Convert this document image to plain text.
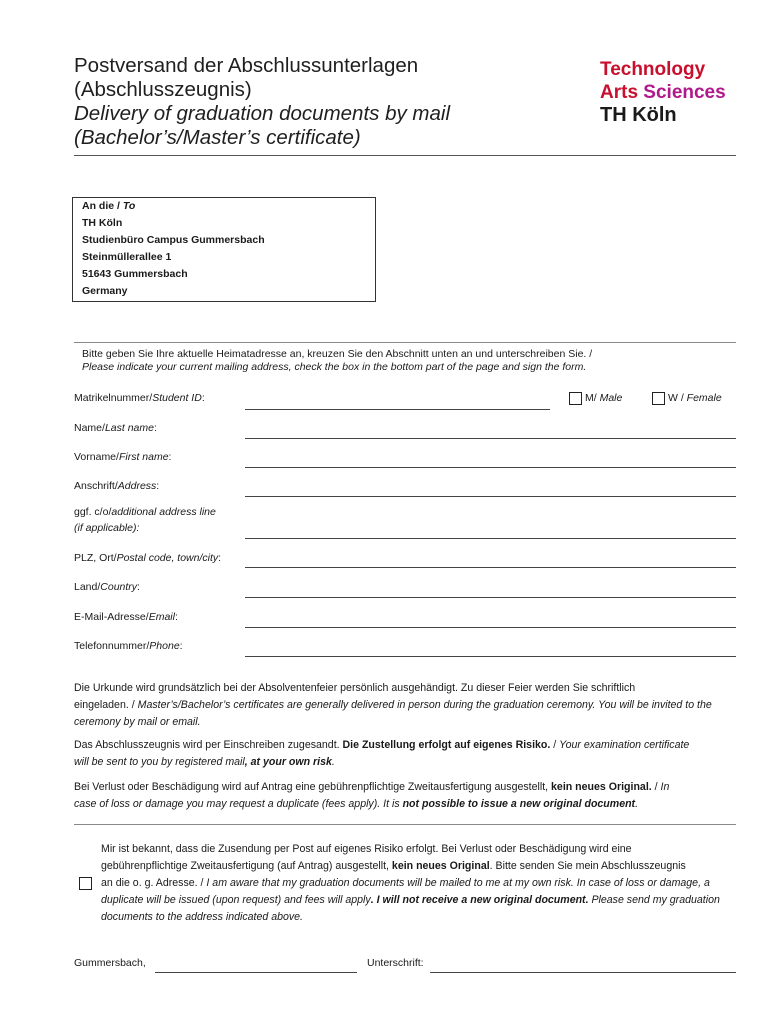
Postversand der Abschlussunterlagen
(Abschlusszeugnis)
Delivery of graduation documents by mail
(Bachelor’s/Master’s certificate)
Technology
Arts Sciences
TH Köln
An die / To
TH Köln
Studienbüro Campus Gummersbach
Steinmüllerallee 1
51643 Gummersbach
Germany
Bitte geben Sie Ihre aktuelle Heimatadresse an, kreuzen Sie den Abschnitt unten an und unterschreiben Sie. /
Please indicate your current mailing address, check the box in the bottom part of the page and sign the form.
Matrikelnummer/Student ID:	M/ Male	W / Female
Name/Last name:
Vorname/First name:
Anschrift/Address:
ggf. c/o/additional address line
(if applicable):
PLZ, Ort/Postal code, town/city:
Land/Country:
E-Mail-Adresse/Email:
Telefonnummer/Phone:
Die Urkunde wird grundsätzlich bei der Absolventenfeier persönlich ausgehändigt. Zu dieser Feier werden Sie schriftlich
eingeladen. / Master’s/Bachelor’s certificates are generally delivered in person during the graduation ceremony. You will be invited to the
ceremony by mail or email.
Das Abschlusszeugnis wird per Einschreiben zugesandt. Die Zustellung erfolgt auf eigenes Risiko. / Your examination certificate
will be sent to you by registered mail, at your own risk.
Bei Verlust oder Beschädigung wird auf Antrag eine gebührenpflichtige Zweitausfertigung ausgestellt, kein neues Original. / In
case of loss or damage you may request a duplicate (fees apply). It is not possible to issue a new original document.
Mir ist bekannt, dass die Zusendung per Post auf eigenes Risiko erfolgt. Bei Verlust oder Beschädigung wird eine
gebührenpflichtige Zweitausfertigung (auf Antrag) ausgestellt, kein neues Original. Bitte senden Sie mein Abschlusszeugnis
an die o. g. Adresse. / I am aware that my graduation documents will be mailed to me at my own risk. In case of loss or damage, a
duplicate will be issued (upon request) and fees will apply. I will not receive a new original document. Please send my graduation
documents to the address indicated above.
Gummersbach,	Unterschrift:
